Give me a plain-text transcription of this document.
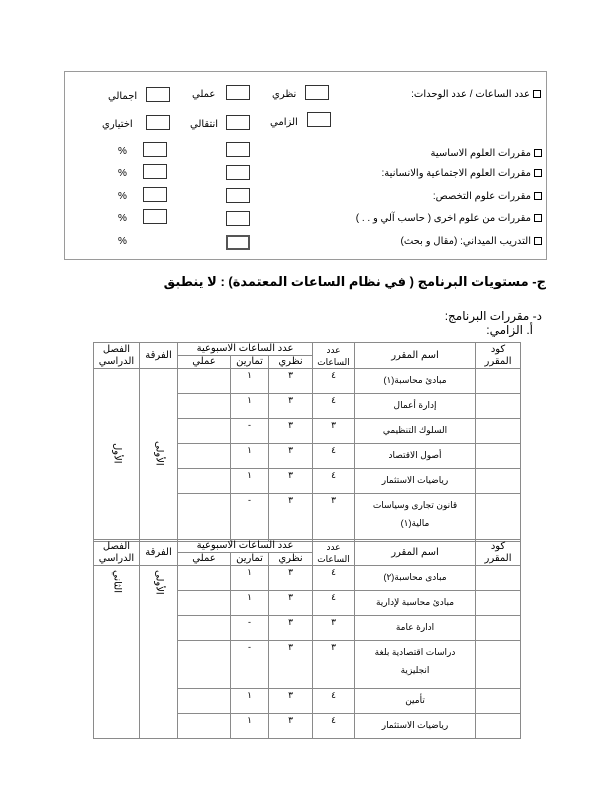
عدد الساعات / عدد الوحدات:
نظري
عملي
اجمالي
الزامي
انتقالي
اختياري
مقررات العلوم الاساسية
%
مقررات العلوم الاجتماعية والانسانية:
%
مقررات علوم التخصص:
%
مقررات من علوم اخرى ( حاسب آلي و . . )
%
التدريب الميداني: (مقال و بحث)
%
ج- مستويات البرنامج ( في نظام الساعات المعتمدة) : لا ينطبق
د- مقررات البرنامج:
أ. الزامي:
كود المقرر	اسم المقرر	عدد الساعات	عدد الساعات الاسبوعية			الفرقة	الفصل الدراسي
			نظري	تمارين	عملي		
	مبادئ محاسبة(١)	٤	٣	١		الأولى	الأول
	إدارة أعمال	٤	٣	١			
	السلوك التنظيمي	٣	٣	-			
	أصول الاقتصاد	٤	٣	١			
	رياضيات الاستثمار	٤	٣	١			
	قانون تجارى وسياسات مالية(١)	٣	٣	-			
كود المقرر	اسم المقرر	عدد الساعات	عدد الساعات الاسبوعية			الفرقة	الفصل الدراسي
			نظري	تمارين	عملي		
	مبادى محاسبة(٢)	٤	٣	١		الأولى	الثاني
	مبادئ محاسبة لإدارية	٤	٣	١			
	ادارة عامة	٣	٣	-			
	دراسات اقتصادية بلغة انجليزية	٣	٣	-			
	تأمين	٤	٣	١			
	رياضيات الاستثمار	٤	٣	١			
